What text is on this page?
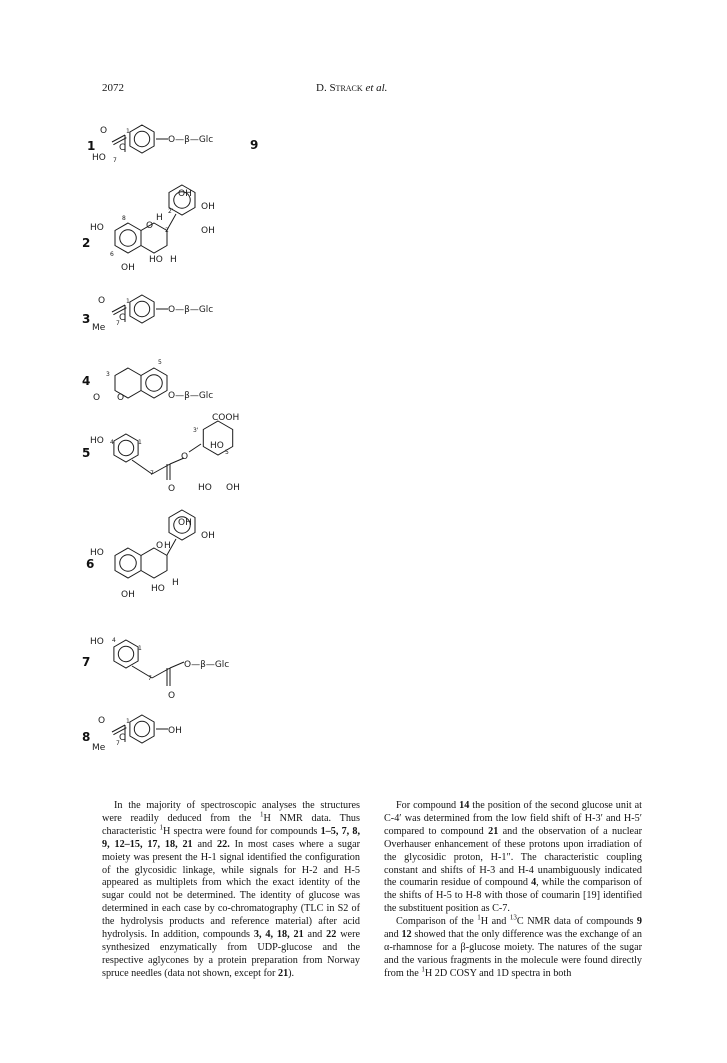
2072	D. Strack et al.
1
O
C
HO 7
1
O—β—Glc
2
OH
OH
OH
HO
8	H
2'
2
6
HO H
OH
O
3
O
C
Me 7
1
O—β—Glc
4
5
3
O O	O—β—Glc
5
HO 4	1
7
O
O
3'
COOH
HO
5
HO OH
6
OH
OH
HO
O H
OH
HO
H
7
HO 4
1
7
O
O—β—Glc
8
O
C
Me 7
1
OH
9

In the majority of spectroscopic analyses the structures were readily deduced from the $^1$H NMR data. Thus characteristic $^1$H spectra were found for compounds 1–5, 7, 8, 9, 12–15, 17, 18, 21 and 22. In most cases where a sugar moiety was present the H-1 signal identified the configuration of the glycosidic linkage, while signals for H-2 and H-5 appeared as multiplets from which the exact identity of the sugar could not be determined. The identity of glucose was determined in each case by co-chromatography (TLC in S2 of the hydrolysis products and reference material) after acid hydrolysis. In addition, compounds 3, 4, 18, 21 and 22 were synthesized enzymatically from UDP-glucose and the respective aglycones by a protein preparation from Norway spruce needles (data not shown, except for 21).

For compound 14 the position of the second glucose unit at C-4′ was determined from the low field shift of H-3′ and H-5′ compared to compound 21 and the observation of a nuclear Overhauser enhancement of these protons upon irradiation of the glycosidic proton, H-1″. The characteristic coupling constant and shifts of H-3 and H-4 unambiguously indicated the coumarin residue of compound 4, while the comparison of the shifts of H-5 to H-8 with those of coumarin [19] identified the substituent position as C-7.

Comparison of the $^1$H and $^{13}$C NMR data of compounds 9 and 12 showed that the only difference was the exchange of an α-rhamnose for a β-glucose moiety. The natures of the sugar and the various fragments in the molecule were found directly from the $^1$H 2D COSY and 1D spectra in both
